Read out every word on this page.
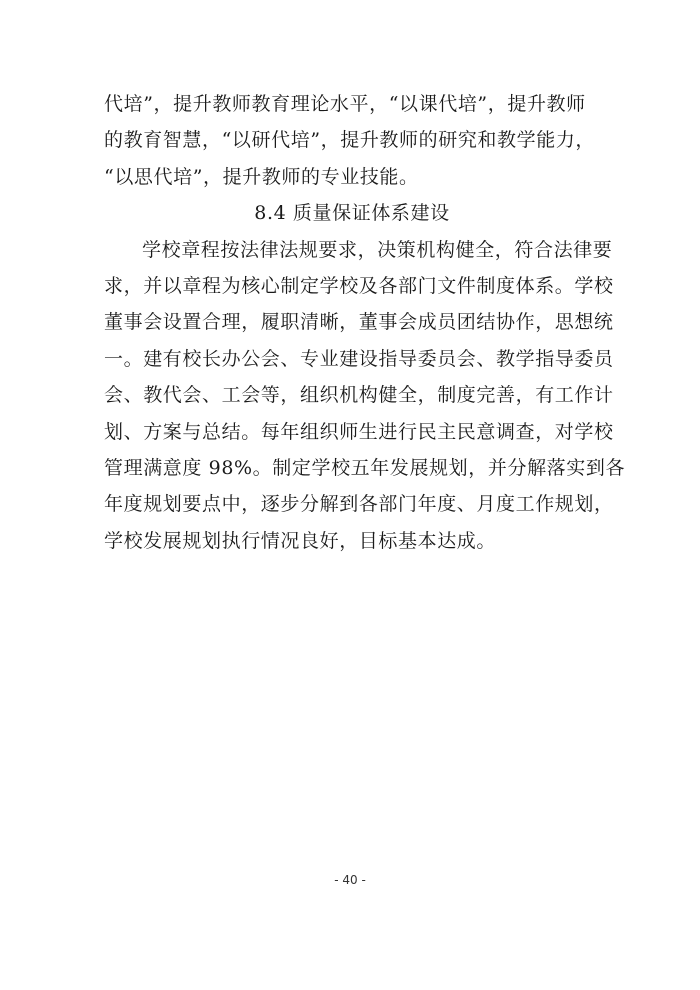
代培”，提升教师教育理论水平，“以课代培”，提升教师
的教育智慧，“以研代培”，提升教师的研究和教学能力，
“以思代培”，提升教师的专业技能。
8.4 质量保证体系建设
学校章程按法律法规要求，决策机构健全，符合法律要
求，并以章程为核心制定学校及各部门文件制度体系。学校
董事会设置合理，履职清晰，董事会成员团结协作，思想统
一。建有校长办公会、专业建设指导委员会、教学指导委员
会、教代会、工会等，组织机构健全，制度完善，有工作计
划、方案与总结。每年组织师生进行民主民意调查，对学校
管理满意度 98%。制定学校五年发展规划，并分解落实到各
年度规划要点中，逐步分解到各部门年度、月度工作规划，
学校发展规划执行情况良好，目标基本达成。
- 40 -
